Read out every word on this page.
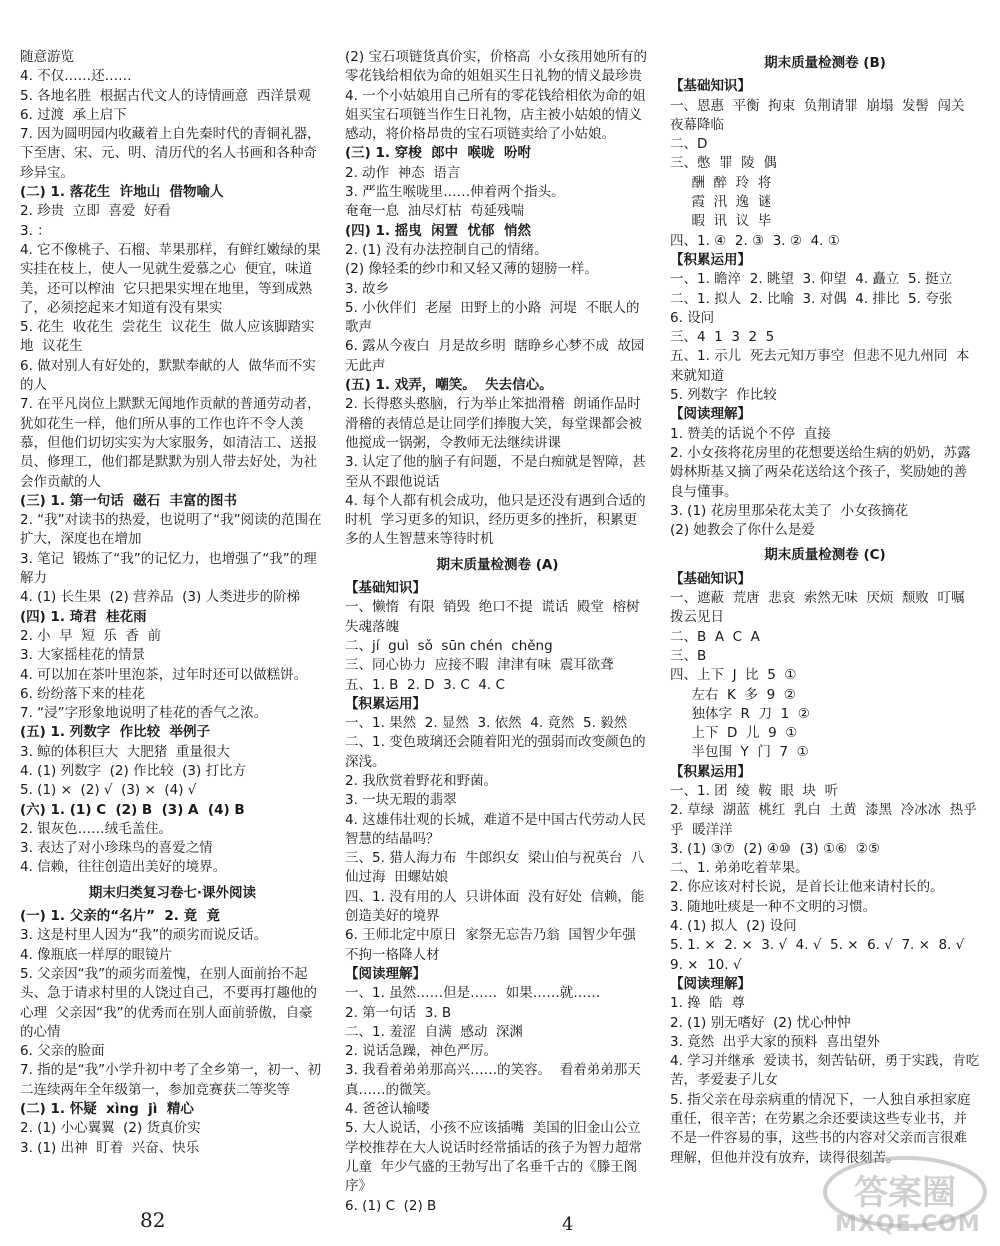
随意游览
4. 不仅……还……
5. 各地名胜  根据古代文人的诗情画意  西洋景观
6. 过渡  承上启下
7. 因为圆明园内收藏着上自先秦时代的青铜礼器，下至唐、宋、元、明、清历代的名人书画和各种奇珍异宝。
(二) 1. 落花生  许地山  借物喻人
2. 珍贵  立即  喜爱  好看
3. ：
4. 它不像桃子、石榴、苹果那样，有鲜红嫩绿的果实挂在枝上，使人一见就生爱慕之心  便宜，味道美，还可以榨油  它只把果实埋在地里，等到成熟了，必须挖起来才知道有没有果实
5. 花生  收花生  尝花生  议花生  做人应该脚踏实地  议花生
6. 做对别人有好处的，默默奉献的人  做华而不实的人
7. 在平凡岗位上默默无闻地作贡献的普通劳动者，犹如花生一样，他们所从事的工作也许不令人羡慕，但他们切切实实为大家服务，如清洁工、送报员、修理工，他们都是默默为别人带去好处，为社会作贡献的人
(三) 1. 第一句话  磁石  丰富的图书
2. “我”对读书的热爱，也说明了“我”阅读的范围在扩大，深度也在增加
3. 笔记  锻炼了“我”的记忆力，也增强了“我”的理解力
4. (1) 长生果  (2) 营养品  (3) 人类进步的阶梯
(四) 1. 琦君  桂花雨
2. 小  早  短  乐  香  前
3. 大家摇桂花的情景
4. 可以加在茶叶里泡茶，过年时还可以做糕饼。
6. 纷纷落下来的桂花
7. “浸”字形象地说明了桂花的香气之浓。
(五) 1. 列数字  作比较  举例子
3. 鲸的体积巨大  大肥猪  重量很大
4. (1) 列数字  (2) 作比较  (3) 打比方
5. (1) ×  (2) √  (3) ×  (4) √
(六) 1. (1) C  (2) B  (3) A  (4) B
2. 银灰色……绒毛盖住。
3. 表达了对小珍珠鸟的喜爱之情
4. 信赖，往往创造出美好的境界。
期末归类复习卷七·课外阅读
(一) 1. 父亲的“名片”  2. 竟  竟
3. 这是村里人因为“我”的顽劣而说反话。
4. 像瓶底一样厚的眼镜片
5. 父亲因“我”的顽劣而羞愧，在别人面前抬不起头、急于请求村里的人饶过自己，不要再打趣他的心理  父亲因“我”的优秀而在别人面前骄傲，自豪的心情
6. 父亲的脸面
7. 指的是“我”小学升初中考了全乡第一，初一、初二连续两年全年级第一，参加竞赛获二等奖等
(二) 1. 怀疑  xìng  jì  精心
2. (1) 小心翼翼  (2) 货真价实
3. (1) 出神  盯着  兴奋、快乐
(2) 宝石项链货真价实，价格高  小女孩用她所有的零花钱给相依为命的姐姐买生日礼物的情义最珍贵
4. 一个小姑娘用自己所有的零花钱给相依为命的姐姐买宝石项链当作生日礼物，店主被小姑娘的情义感动，将价格昂贵的宝石项链卖给了小姑娘。
(三) 1. 穿梭  郎中  喉咙  吩咐
2. 动作  神态  语言
3. 严监生喉咙里……伸着两个指头。
奄奄一息  油尽灯枯  苟延残喘
(四) 1. 摇曳  闲置  忧郁  悄然
2. (1) 没有办法控制自己的情绪。
(2) 像轻柔的纱巾和又轻又薄的翅膀一样。
3. 故乡
5. 小伙伴们  老屋  田野上的小路  河堤  不眠人的歌声
6. 露从今夜白  月是故乡明  瞎睁乡心梦不成  故园无此声
(五) 1. 戏弄，嘲笑。  失去信心。
2. 长得憨头憨脑，行为举止笨拙滑稽  朗诵作品时滑稽的表情总是让同学们捧腹大笑，每堂课都会被他搅成一锅粥，令教师无法继续讲课
3. 认定了他的脑子有问题，不是白痴就是智障，甚至从不跟他说话
4. 每个人都有机会成功，他只是还没有遇到合适的时机  学习更多的知识，经历更多的挫折，积累更多的人生智慧来等待时机
期末质量检测卷 (A)
【基础知识】
一、懒惰  有限  销毁  绝口不提  谎话  殿堂  榕树  失魂落魄
二、jí  guì  sǒ  sūn chén  chěng
三、同心协力  应接不暇  津津有味  震耳欲聋
五、1. B  2. D  3. C  4. C
【积累运用】
一、1. 果然  2. 显然  3. 依然  4. 竟然  5. 毅然
二、1. 变色玻璃还会随着阳光的强弱而改变颜色的深浅。
2. 我欣赏着野花和野菌。
3. 一块无瑕的翡翠
4. 这雄伟壮观的长城，难道不是中国古代劳动人民智慧的结晶吗？
三、5. 猎人海力布  牛郎织女  梁山伯与祝英台  八仙过海  田螺姑娘
四、1. 没有用的人  只讲体面  没有好处  信赖，能创造美好的境界
6. 王师北定中原日  家祭无忘告乃翁  国智少年强  不拘一格降人材
【阅读理解】
一、1. 虽然……但是……  如果……就……
2. 第一句话  3. B
二、1. 羞涩  自满  感动  深渊
2. 说话急躁，神色严厉。
3. 我看着弟弟那高兴……的笑容。  看着弟弟那天真……的微笑。
4. 爸爸认输喽
5. 大人说话，小孩不应该插嘴  美国的旧金山公立学校推荐在大人说话时经常插话的孩子为智力超常儿童  年少气盛的王勃写出了名垂千古的《滕王阁序》
6. (1) C  (2) B
期末质量检测卷 (B)
【基础知识】
一、恩惠  平衡  拘束  负荆请罪  崩塌  发髻  闯关  夜幕降临
二、D
三、憋  罪  陵  偶
酬  醉  玲  将
霞  汛  逸  谜
暇  讯  议  毕
四、1. ④  2. ③  3. ②  4. ①
【积累运用】
一、1. 瞻淬  2. 眺望  3. 仰望  4. 矗立  5. 挺立
二、1. 拟人  2. 比喻  3. 对偶  4. 排比  5. 夸张
6. 设问
三、4  1  3  2  5
五、1. 示儿  死去元知万事空  但悲不见九州同  本来就知道
5. 列数字  作比较
【阅读理解】
1. 赞美的话说个不停  直接
2. 小女孩将花房里的花想要送给生病的奶奶，苏露姆林斯基又摘了两朵花送给这个孩子，奖励她的善良与懂事。
3. (1) 花房里那朵花太美了  小女孩摘花
(2) 她教会了你什么是爱
期末质量检测卷 (C)
【基础知识】
一、遮蔽  荒唐  悲哀  索然无味  厌烦  颓败  叮嘱  拨云见日
二、B  A  C  A
三、B
四、上下  J  比  5  ①
左右  K  多  9  ②
独体字  R  刀  1  ②
上下  D  儿  9  ①
半包围  Y  门  7  ①
【积累运用】
一、1. 团  绫  鞍  眼  块  听
2. 草绿  湖蓝  桃红  乳白  土黄  漆黑  冷冰冰  热乎乎  暖洋洋
3. (1) ③⑦  (2) ④⑩  (3) ①⑥  ②⑤
二、1. 弟弟吃着苹果。
2. 你应该对村长说，是首长让他来请村长的。
3. 随地吐痰是一种不文明的习惯。
4. (1) 拟人  (2) 设问
5. 1. ×  2. ×  3. √  4. √  5. ×  6. √  7. ×  8. √  9. ×  10. √
【阅读理解】
1. 搀  皓  尊
2. (1) 别无嗜好  (2) 忧心忡忡
3. 竟然  出乎大家的预料  喜出望外
4. 学习并继承  爱读书，刻苦钻研，勇于实践，肯吃苦，孝爱妻子儿女
5. 指父亲在母亲病重的情况下，一人独自承担家庭重任，很辛苦；在劳累之余还要读这些专业书，并不是一件容易的事，这些书的内容对父亲而言很难理解，但他并没有放弃，读得很刻苦。
82	4
答案圈
MXQE.COM
